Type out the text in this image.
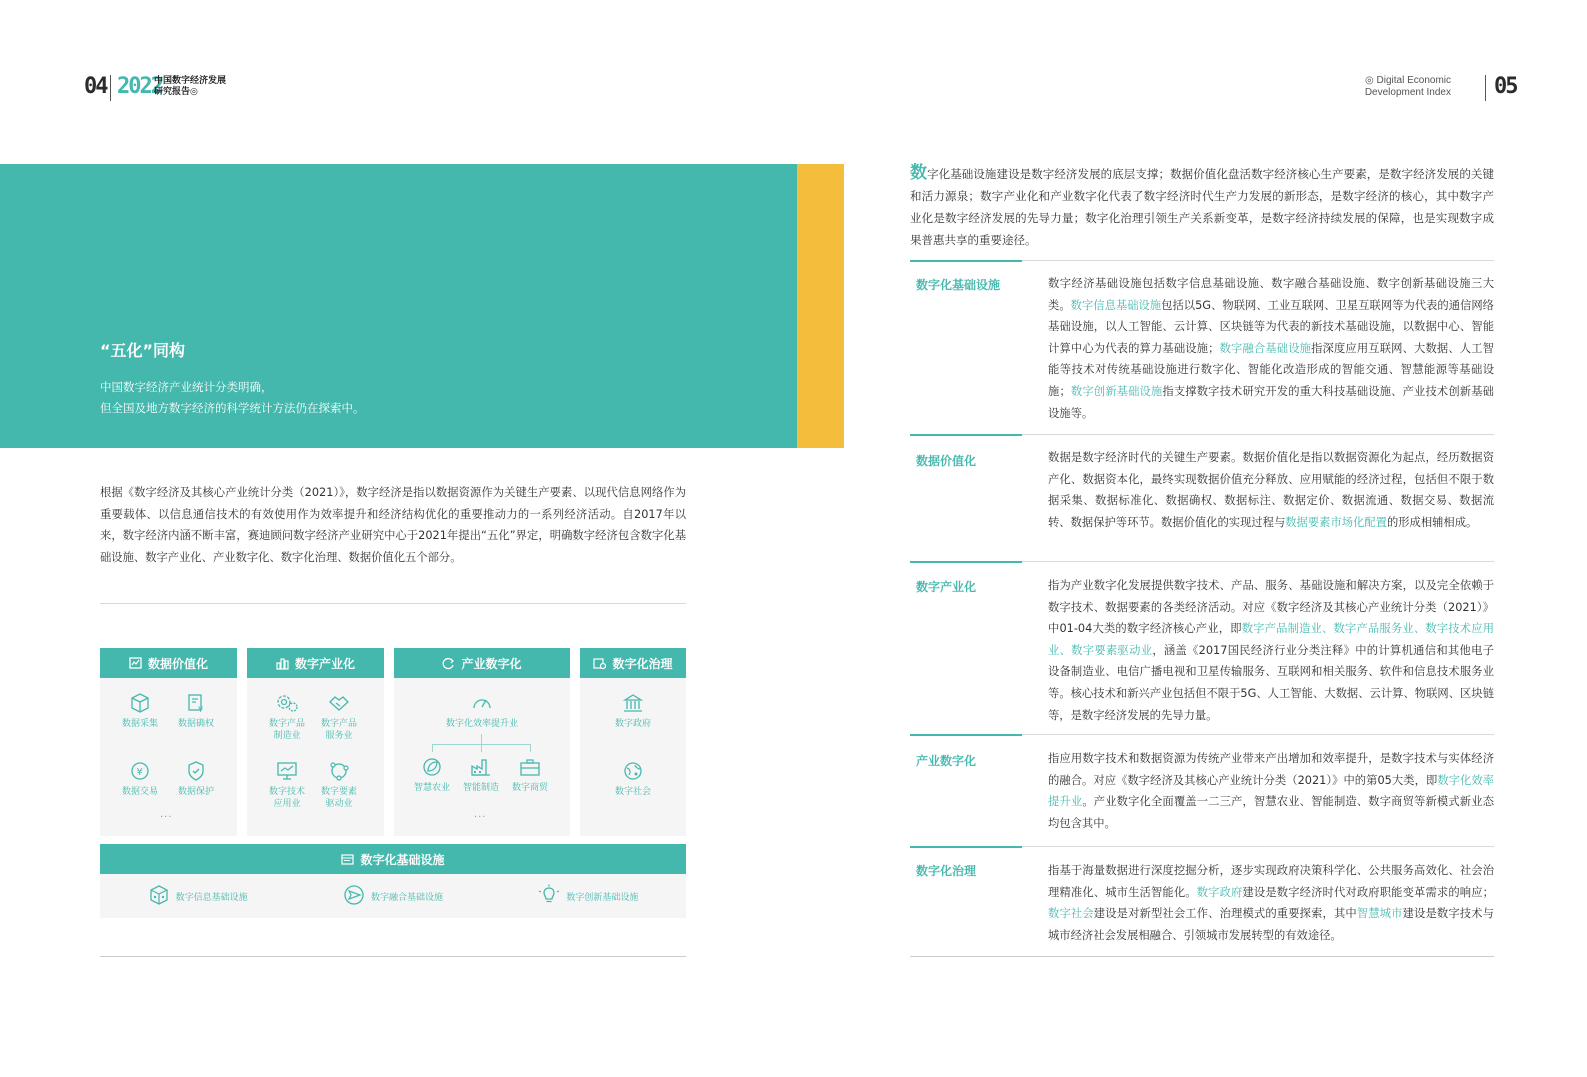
04 2022
中国数字经济发展
研究报告◎
◎ Digital Economic
Development Index 05
“五化”同构
中国数字经济产业统计分类明确，
但全国及地方数字经济的科学统计方法仍在探索中。
根据《数字经济及其核心产业统计分类（2021）》，数字经济是指以数据资源作为关键生产要素、以现代信息网络作为重要载体、以信息通信技术的有效使用作为效率提升和经济结构优化的重要推动力的一系列经济活动。自2017年以来，数字经济内涵不断丰富，赛迪顾问数字经济产业研究中心于2021年提出“五化”界定，明确数字经济包含数字化基础设施、数字产业化、产业数字化、数字化治理、数据价值化五个部分。
数据价值化
数据采集
¥
数据确权
¥
数据交易	数据保护
···
数字产业化
数字产品
制造业
数字产品
服务业
数字技术
应用业
数字要素
驱动业
产业数字化
数字化效率提升业
智慧农业	智能制造	数字商贸
···
数字化治理
数字政府
数字社会
数字化基础设施
数字信息基础设施	数字融合基础设施	数字创新基础设施
数字化基础设施建设是数字经济发展的底层支撑；数据价值化盘活数字经济核心生产要素，是数字经济发展的关键和活力源泉；数字产业化和产业数字化代表了数字经济时代生产力发展的新形态，是数字经济的核心，其中数字产业化是数字经济发展的先导力量；数字化治理引领生产关系新变革，是数字经济持续发展的保障，也是实现数字成果普惠共享的重要途径。
数字化基础设施	数字经济基础设施包括数字信息基础设施、数字融合基础设施、数字创新基础设施三大类。数字信息基础设施包括以5G、物联网、工业互联网、卫星互联网等为代表的通信网络基础设施，以人工智能、云计算、区块链等为代表的新技术基础设施，以数据中心、智能计算中心为代表的算力基础设施；数字融合基础设施指深度应用互联网、大数据、人工智能等技术对传统基础设施进行数字化、智能化改造形成的智能交通、智慧能源等基础设施；数字创新基础设施指支撑数字技术研究开发的重大科技基础设施、产业技术创新基础设施等。
数据价值化	数据是数字经济时代的关键生产要素。数据价值化是指以数据资源化为起点，经历数据资产化、数据资本化，最终实现数据价值充分释放、应用赋能的经济过程，包括但不限于数据采集、数据标准化、数据确权、数据标注、数据定价、数据流通、数据交易、数据流转、数据保护等环节。数据价值化的实现过程与数据要素市场化配置的形成相辅相成。
数字产业化	指为产业数字化发展提供数字技术、产品、服务、基础设施和解决方案，以及完全依赖于数字技术、数据要素的各类经济活动。对应《数字经济及其核心产业统计分类（2021）》中01-04大类的数字经济核心产业，即数字产品制造业、数字产品服务业、数字技术应用业、数字要素驱动业，涵盖《2017国民经济行业分类注释》中的计算机通信和其他电子设备制造业、电信广播电视和卫星传输服务、互联网和相关服务、软件和信息技术服务业等。核心技术和新兴产业包括但不限于5G、人工智能、大数据、云计算、物联网、区块链等，是数字经济发展的先导力量。
产业数字化	指应用数字技术和数据资源为传统产业带来产出增加和效率提升，是数字技术与实体经济的融合。对应《数字经济及其核心产业统计分类（2021）》中的第05大类，即数字化效率提升业。产业数字化全面覆盖一二三产，智慧农业、智能制造、数字商贸等新模式新业态均包含其中。
数字化治理	指基于海量数据进行深度挖掘分析，逐步实现政府决策科学化、公共服务高效化、社会治理精准化、城市生活智能化。数字政府建设是数字经济时代对政府职能变革需求的响应；数字社会建设是对新型社会工作、治理模式的重要探索，其中智慧城市建设是数字技术与城市经济社会发展相融合、引领城市发展转型的有效途径。
